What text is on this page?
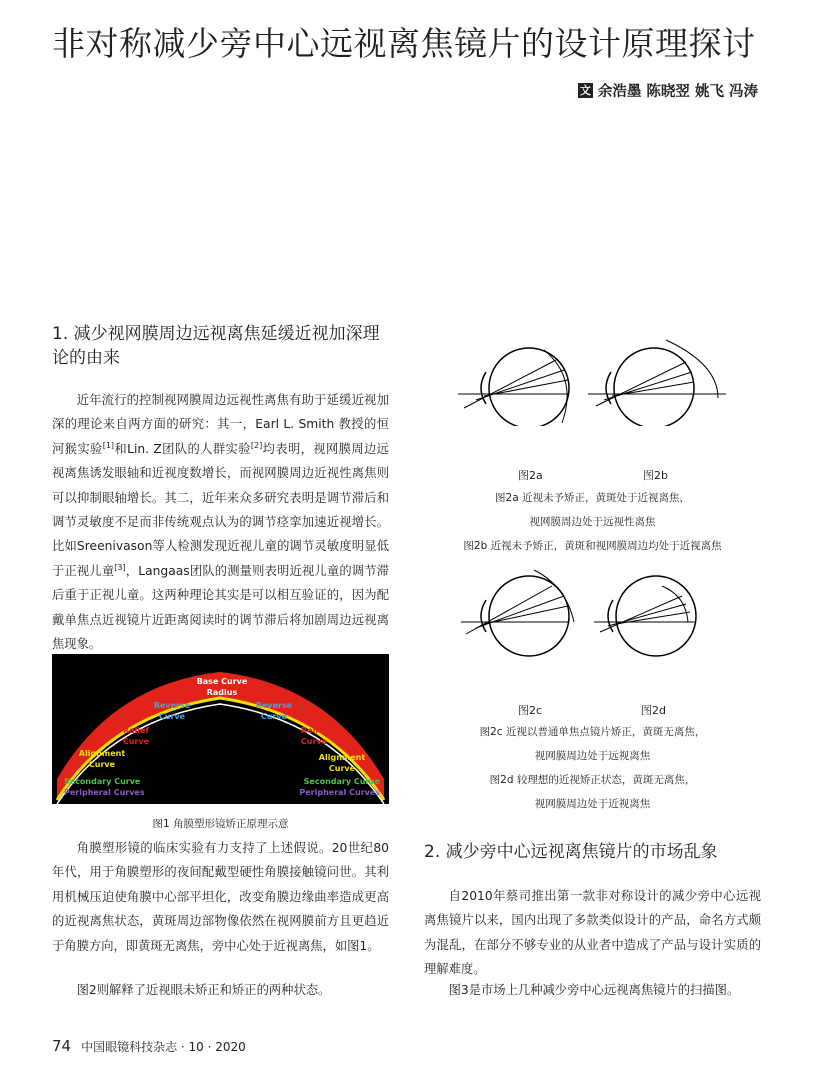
非对称减少旁中心远视离焦镜片的设计原理探讨
文 余浩墨 陈晓翌 姚飞 冯涛
1. 减少视网膜周边远视离焦延缓近视加深理论的由来

近年流行的控制视网膜周边远视性离焦有助于延缓近视加深的理论来自两方面的研究：其一，Earl L. Smith 教授的恒河猴实验[1]和Lin. Z团队的人群实验[2]均表明，视网膜周边远视离焦诱发眼轴和近视度数增长，而视网膜周边近视性离焦则可以抑制眼轴增长。其二，近年来众多研究表明是调节滞后和调节灵敏度不足而非传统观点认为的调节痉挛加速近视增长。比如Sreenivason等人检测发现近视儿童的调节灵敏度明显低于正视儿童[3]，Langaas团队的测量则表明近视儿童的调节滞后重于正视儿童。这两种理论其实是可以相互验证的，因为配戴单焦点近视镜片近距离阅读时的调节滞后将加剧周边远视离焦现象。

Base Curve
Radius
Reverse
Curve
Reverse
Curve
Relief
Curve
Relief
Curve
Alignment
Curve
Alignment
Curve
Secondary Curve
Peripheral Curves
Secondary Curve
Peripheral Curves

图1 角膜塑形镜矫正原理示意

角膜塑形镜的临床实验有力支持了上述假说。20世纪80年代，用于角膜塑形的夜间配戴型硬性角膜接触镜问世。其利用机械压迫使角膜中心部平坦化，改变角膜边缘曲率造成更高的近视离焦状态，黄斑周边部物像依然在视网膜前方且更趋近于角膜方向，即黄斑无离焦，旁中心处于近视离焦，如图1。

图2则解释了近视眼未矫正和矫正的两种状态。

图2a	图2b

图2a 近视未予矫正，黄斑处于近视离焦，

视网膜周边处于远视性离焦

图2b 近视未予矫正，黄斑和视网膜周边均处于近视离焦

图2c	图2d

图2c 近视以普通单焦点镜片矫正，黄斑无离焦，

视网膜周边处于远视离焦

图2d 较理想的近视矫正状态，黄斑无离焦，

视网膜周边处于近视离焦

2. 减少旁中心远视离焦镜片的市场乱象

自2010年蔡司推出第一款非对称设计的减少旁中心远视离焦镜片以来，国内出现了多款类似设计的产品，命名方式颇为混乱，在部分不够专业的从业者中造成了产品与设计实质的理解难度。

图3是市场上几种减少旁中心远视离焦镜片的扫描图。

74 中国眼镜科技杂志 · 10 · 2020
